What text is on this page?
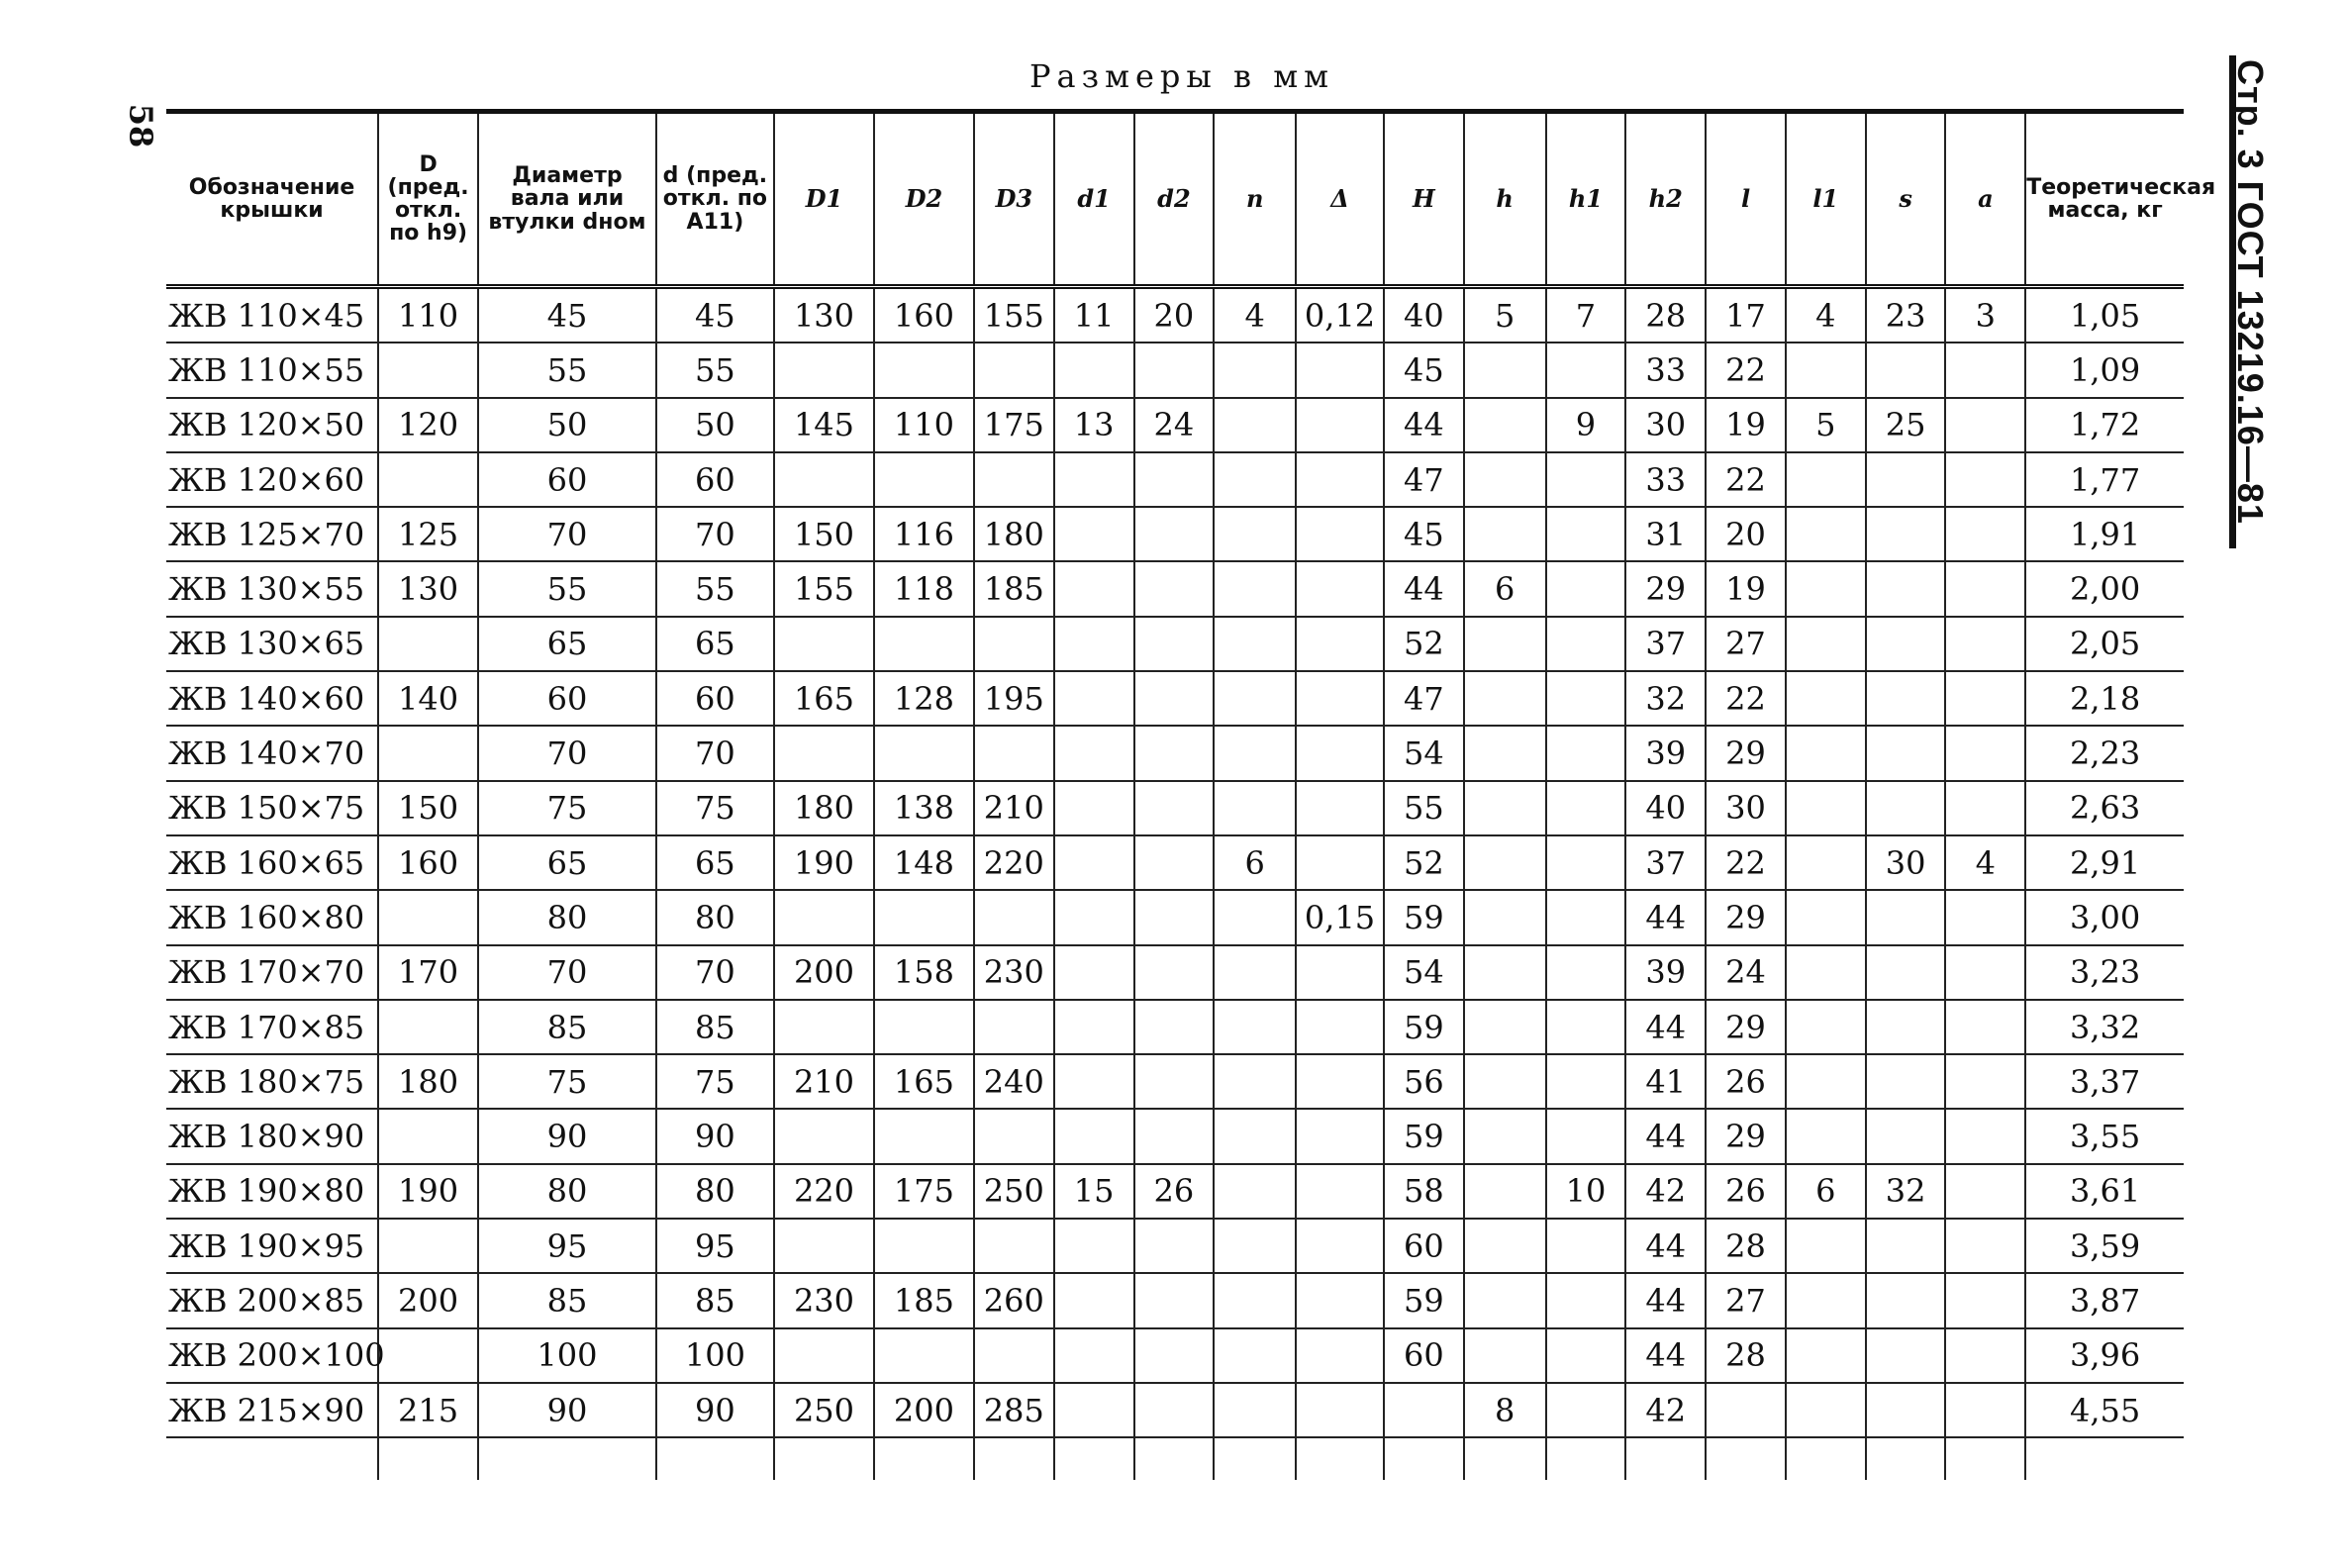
58	Стр. 3 ГОСТ 13219.16—81
Размеры в мм
Обозначение крышки	D (пред. откл. по h9)	Диаметр вала или втулки dном	d (пред. откл. по A11)	D1	D2	D3	d1	d2	n	Δ	H	h	h1	h2	l	l1	s	a	Теоретическая масса, кг
ЖВ 110×45	110	45	45	130	160	155	11	20	4	0,12	40	5	7	28	17	4	23	3	1,05
ЖВ 110×55		55	55								45			33	22				1,09
ЖВ 120×50	120	50	50	145	110	175	13	24			44		9	30	19	5	25		1,72
ЖВ 120×60		60	60								47			33	22				1,77
ЖВ 125×70	125	70	70	150	116	180					45			31	20				1,91
ЖВ 130×55	130	55	55	155	118	185					44	6		29	19				2,00
ЖВ 130×65		65	65								52			37	27				2,05
ЖВ 140×60	140	60	60	165	128	195					47			32	22				2,18
ЖВ 140×70		70	70								54			39	29				2,23
ЖВ 150×75	150	75	75	180	138	210					55			40	30				2,63
ЖВ 160×65	160	65	65	190	148	220			6		52			37	22		30	4	2,91
ЖВ 160×80		80	80							0,15	59			44	29				3,00
ЖВ 170×70	170	70	70	200	158	230					54			39	24				3,23
ЖВ 170×85		85	85								59			44	29				3,32
ЖВ 180×75	180	75	75	210	165	240					56			41	26				3,37
ЖВ 180×90		90	90								59			44	29				3,55
ЖВ 190×80	190	80	80	220	175	250	15	26			58		10	42	26	6	32		3,61
ЖВ 190×95		95	95								60			44	28				3,59
ЖВ 200×85	200	85	85	230	185	260					59			44	27				3,87
ЖВ 200×100		100	100								60			44	28				3,96
ЖВ 215×90	215	90	90	250	200	285						8		42					4,55
